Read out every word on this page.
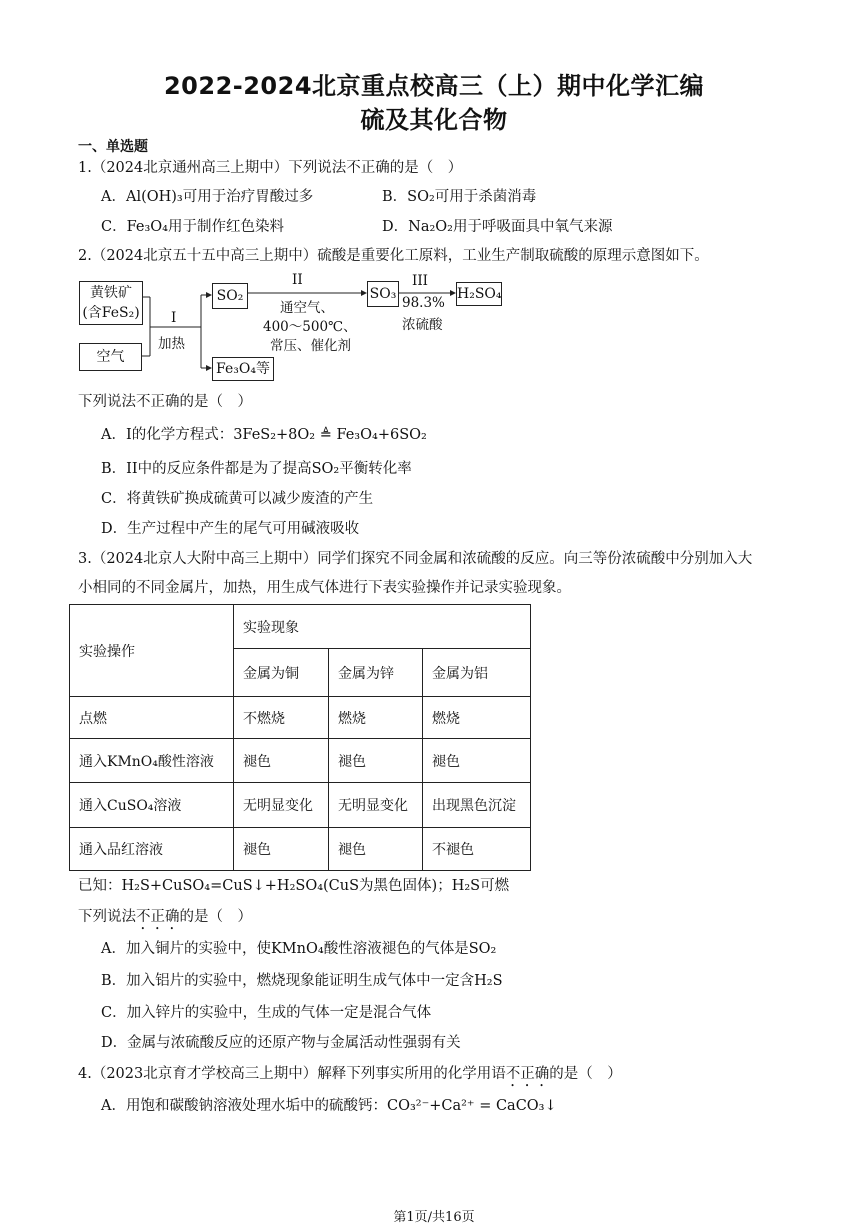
2022-2024北京重点校高三（上）期中化学汇编
硫及其化合物
一、单选题
1.（2024北京通州高三上期中）下列说法不正确的是（　）
A．Al(OH)₃可用于治疗胃酸过多	B．SO₂可用于杀菌消毒
C．Fe₃O₄用于制作红色染料	D．Na₂O₂用于呼吸面具中氧气来源
2.（2024北京五十五中高三上期中）硫酸是重要化工原料，工业生产制取硫酸的原理示意图如下。
黄铁矿
(含FeS₂)
空气
I
加热
SO₂
Fe₃O₄等
II
通空气、
400～500℃、
常压、催化剂
SO₃
III
98.3%
浓硫酸
H₂SO₄
下列说法不正确的是（　）
A．I的化学方程式：3FeS₂+8O₂ ≜ Fe₃O₄+6SO₂
B．II中的反应条件都是为了提高SO₂平衡转化率
C．将黄铁矿换成硫黄可以减少废渣的产生
D．生产过程中产生的尾气可用碱液吸收
3.（2024北京人大附中高三上期中）同学们探究不同金属和浓硫酸的反应。向三等份浓硫酸中分别加入大
小相同的不同金属片，加热，用生成气体进行下表实验操作并记录实验现象。
实验操作	实验现象		
	金属为铜	金属为锌	金属为铝
点燃	不燃烧	燃烧	燃烧
通入KMnO₄酸性溶液	褪色	褪色	褪色
通入CuSO₄溶液	无明显变化	无明显变化	出现黑色沉淀
通入品红溶液	褪色	褪色	不褪色
已知：H₂S+CuSO₄=CuS↓+H₂SO₄(CuS为黑色固体)；H₂S可燃
下列说法不正确的是（　）
A．加入铜片的实验中，使KMnO₄酸性溶液褪色的气体是SO₂
B．加入铝片的实验中，燃烧现象能证明生成气体中一定含H₂S
C．加入锌片的实验中，生成的气体一定是混合气体
D．金属与浓硫酸反应的还原产物与金属活动性强弱有关
4.（2023北京育才学校高三上期中）解释下列事实所用的化学用语不正确的是（　）
A．用饱和碳酸钠溶液处理水垢中的硫酸钙：CO₃²⁻+Ca²⁺ = CaCO₃↓
第1页/共16页
